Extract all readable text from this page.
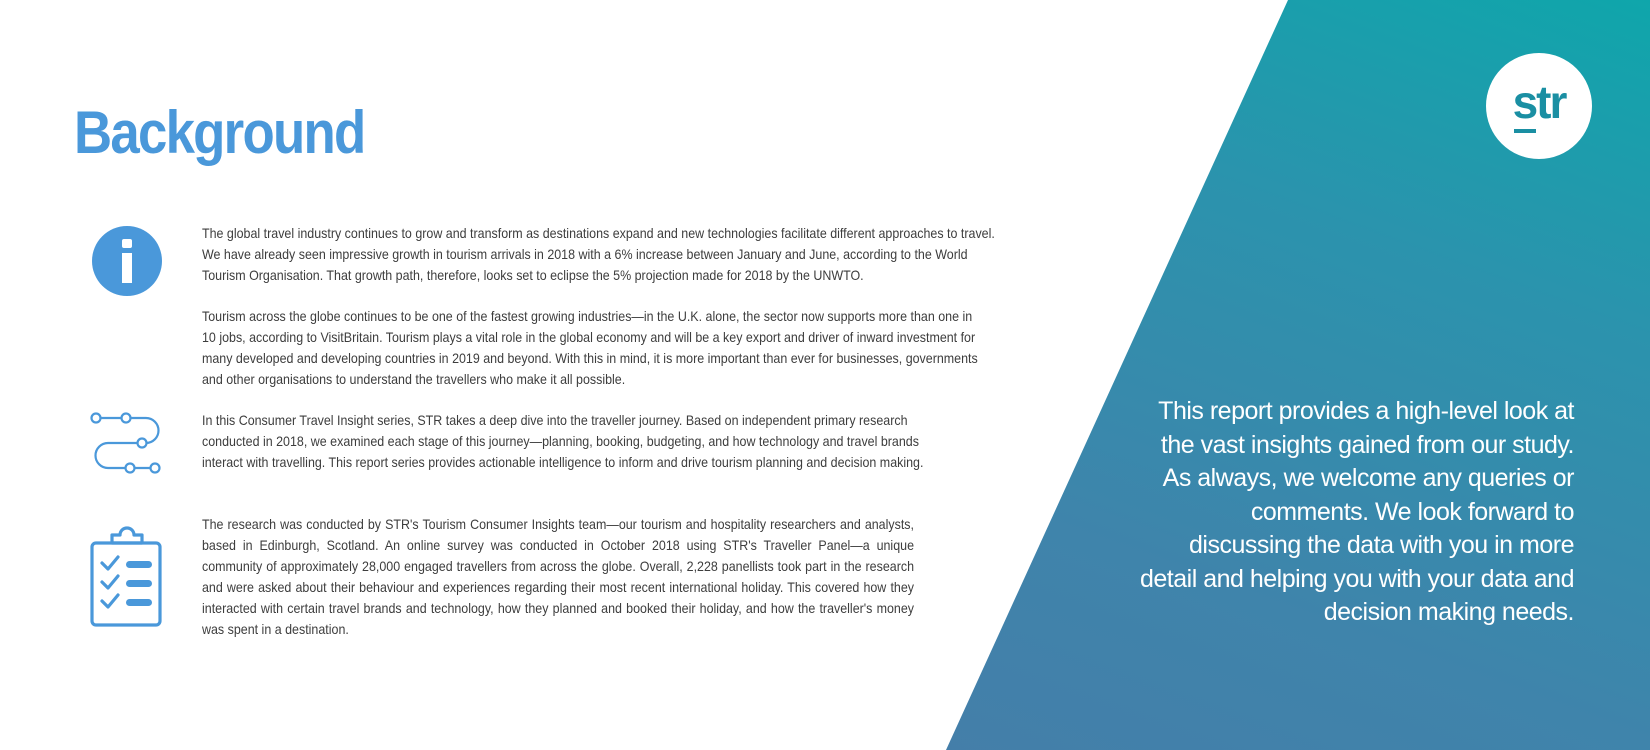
str
Background

The global travel industry continues to grow and transform as destinations expand and new technologies facilitate different approaches to travel. We have already seen impressive growth in tourism arrivals in 2018 with a 6% increase between January and June, according to the World Tourism Organisation. That growth path, therefore, looks set to eclipse the 5% projection made for 2018 by the UNWTO.

Tourism across the globe continues to be one of the fastest growing industries—in the U.K. alone, the sector now supports more than one in 10 jobs, according to VisitBritain. Tourism plays a vital role in the global economy and will be a key export and driver of inward investment for many developed and developing countries in 2019 and beyond. With this in mind, it is more important than ever for businesses, governments and other organisations to understand the travellers who make it all possible.

In this Consumer Travel Insight series, STR takes a deep dive into the traveller journey. Based on independent primary research conducted in 2018, we examined each stage of this journey—planning, booking, budgeting, and how technology and travel brands interact with travelling. This report series provides actionable intelligence to inform and drive tourism planning and decision making.

The research was conducted by STR's Tourism Consumer Insights team—our tourism and hospitality researchers and analysts, based in Edinburgh, Scotland. An online survey was conducted in October 2018 using STR's Traveller Panel—a unique community of approximately 28,000 engaged travellers from across the globe. Overall, 2,228 panellists took part in the research and were asked about their behaviour and experiences regarding their most recent international holiday. This covered how they interacted with certain travel brands and technology, how they planned and booked their holiday, and how the traveller's money was spent in a destination.

This report provides a high-level look at the vast insights gained from our study. As always, we welcome any queries or comments. We look forward to discussing the data with you in more detail and helping you with your data and decision making needs.
